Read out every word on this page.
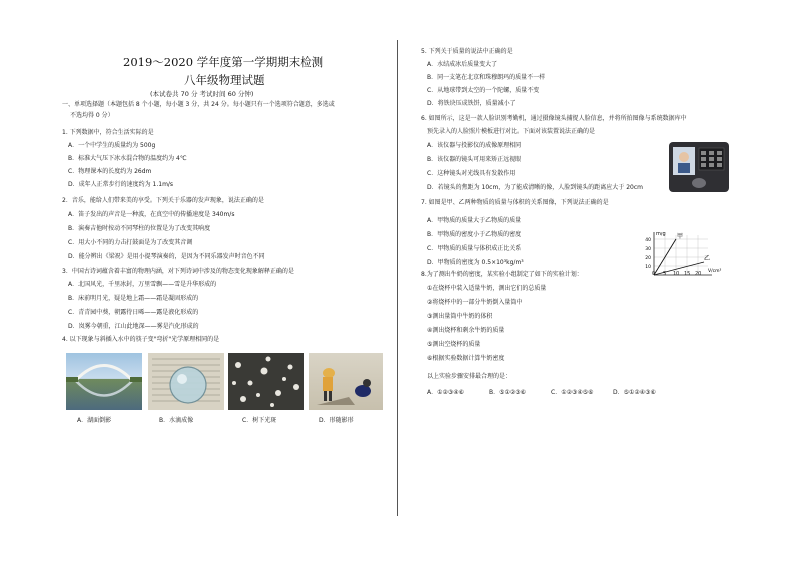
2019～2020 学年度第一学期期末检测
八年级物理试题
(本试卷共 70 分 考试时间 60 分钟)
一、单项选择题（本题包括 8 个小题，每小题 3 分，共 24 分。每小题只有一个选项符合题意，多选或
不选均得 0 分）
1. 下列数据中，符合生活实际的是
A．一个中学生的质量约为 500g
B．标准大气压下冰水混合物的温度约为 4℃
C．物理课本的长度约为 26dm
D．成年人正常步行的速度约为 1.1m/s
2．音乐，能给人们带来美的享受。下列关于乐器的发声现象，说法正确的是
A．笛子发出的声音是一种波，在真空中的传播速度是 340m/s
B．演奏吉他时按动不同琴柱的位置是为了改变其响度
C．用大小不同的力击打鼓面是为了改变其音调
D．能分辨出《梁祝》是用小提琴演奏的，是因为不同乐器发声时音色不同
3．中国古诗词蕴含着丰富的物理内涵，对下列诗词中涉及的物态变化现象解释正确的是
A．北国风光，千里冰封，万里雪飘——雪是升华形成的
B．床前明月光，疑是地上霜——霜是凝固形成的
C．青青园中葵，朝露待日晞——露是液化形成的
D．岚雾今朝重，江山此地深——雾是汽化形成的
4. 以下现象与斜插入水中的筷子变"弯折"光学原理相同的是
A．湖面倒影	B．水滴成像	C．树下光斑	D．形随影形
5. 下列关于质量的说法中正确的是
A．水结成冰后质量变大了
B．同一支笔在北京和珠穆朗玛的质量不一样
C．从地球带到太空的一个陀螺，质量不变
D．将铁块压成铁饼，质量减小了
6. 如图所示，这是一款人脸识别考勤机，通过摄像镜头捕捉人脸信息，并将所拍图像与系统数据库中
预先录入的人脸照片模板进行对比。下面对该装置说法正确的是
A．该仪器与投影仪的成像原理相同
B．该仪器的镜头可用来矫正远视眼
C．这种镜头对光线具有发散作用
D．若镜头的焦距为 10cm，为了能成清晰的像，人脸到镜头的距离应大于 20cm
7. 如图是甲、乙两种物质的质量与体积的关系图像，下列说法正确的是
A．甲物质的质量大于乙物质的质量
B．甲物质的密度小于乙物质的密度
C．甲物质的质量与体积成正比关系
D．甲物质的密度为 0.5×10³kg/m³
m/g 甲
乙
V/cm³
40
30
20
10
0 5 10 15 20
8.为了测出牛奶的密度，某实验小组制定了如下的实验计划：
①在烧杯中装入适量牛奶，测出它们的总质量
②将烧杯中的一部分牛奶倒入量筒中
③测出量筒中牛奶的体积
④测出烧杯和剩余牛奶的质量
⑤测出空烧杯的质量
⑥根据实验数据计算牛奶密度
以上实验步骤安排最合理的是：
A．①②③④⑥	B．⑤①②③⑥	C．①②③④⑤⑥	D．⑤①②④③⑥
